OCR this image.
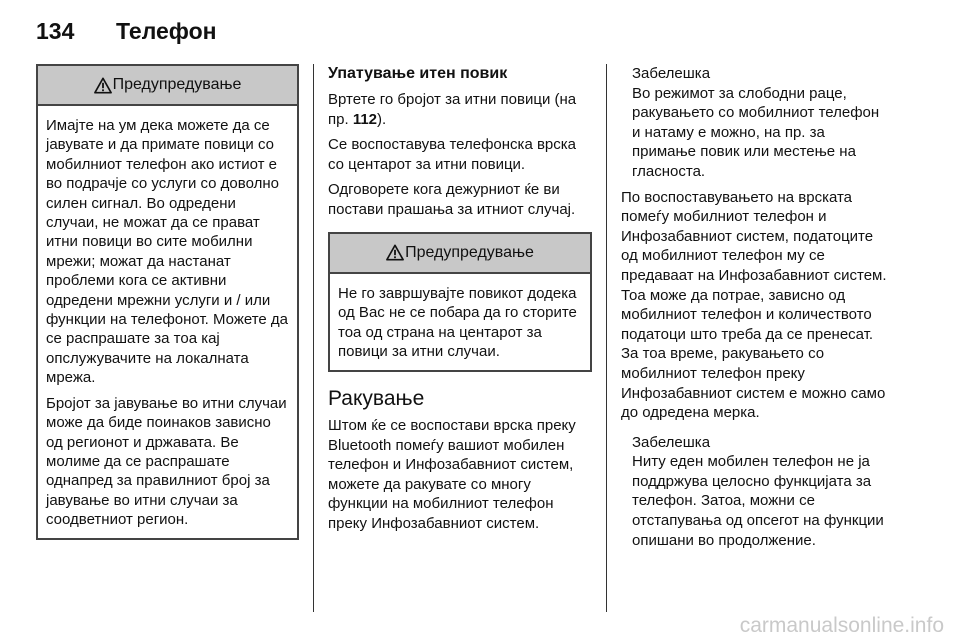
134 Телефон
Предупредување

Имајте на ум дека можете да се јавувате и да примате повици со мобилниот телефон ако истиот е во подрачје со услуги со доволно силен сигнал. Во одредени случаи, не можат да се прават итни повици во сите мобилни мрежи; можат да настанат проблеми кога се активни одредени мрежни услуги и / или функции на телефонот. Можете да се распрашате за тоа кај опслужувачите на локалната мрежа.

Бројот за јавување во итни случаи може да биде поинаков зависно од регионот и државата. Ве молиме да се распрашате однапред за правилниот број за јавување во итни случаи за соодветниот регион.

Упатување итен повик

Вртете го бројот за итни повици (на пр. 112).

Се воспоставува телефонска врска со центарот за итни повици.

Одговорете кога дежурниот ќе ви постави прашања за итниот случај.

Предупредување

Не го завршувајте повикот додека од Вас не се побара да го сторите тоа од страна на центарот за повици за итни случаи.

Ракување

Штом ќе се воспостави врска преку Bluetooth помеѓу вашиот мобилен телефон и Инфозабавниот систем, можете да ракувате со многу функции на мобилниот телефон преку Инфозабавниот систем.

Забелешка
Во режимот за слободни раце, ракувањето со мобилниот телефон и натаму е можно, на пр. за примање повик или местење на гласноста.

По воспоставувањето на врската помеѓу мобилниот телефон и Инфозабавниот систем, податоците од мобилниот телефон му се предаваат на Инфозабавниот систем. Тоа може да потрае, зависно од мобилниот телефон и количеството податоци што треба да се пренесат. За тоа време, ракувањето со мобилниот телефон преку Инфозабавниот систем е можно само до одредена мерка.

Забелешка
Ниту еден мобилен телефон не ја поддржува целосно функцијата за телефон. Затоа, можни се отстапувања од опсегот на функции опишани во продолжение.

carmanualsonline.info
